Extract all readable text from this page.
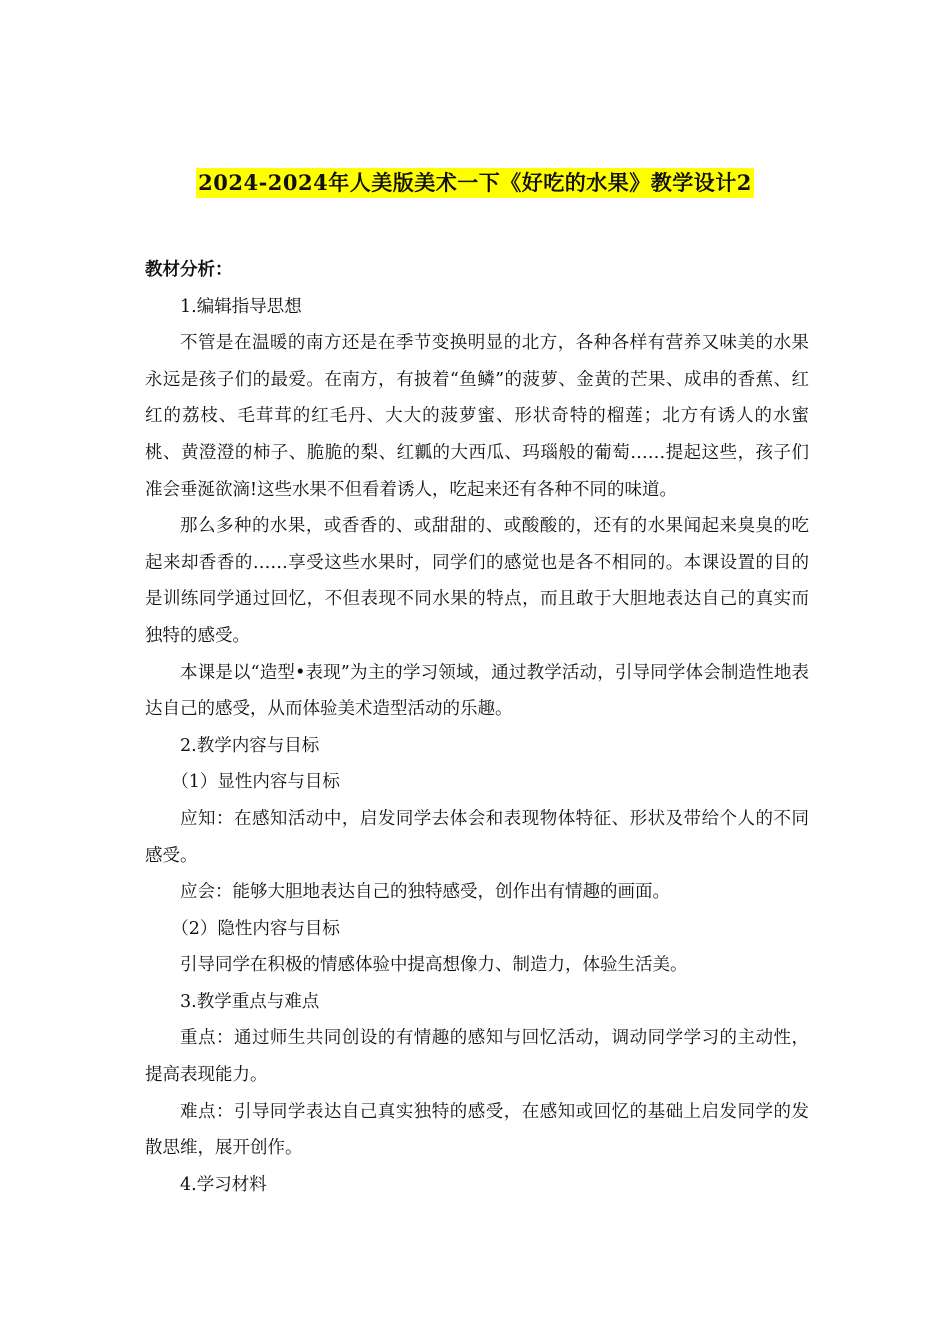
2024-2024年人美版美术一下《好吃的水果》教学设计2

教材分析：

1.编辑指导思想

不管是在温暖的南方还是在季节变换明显的北方，各种各样有营养又味美的水果永远是孩子们的最爱。在南方，有披着“鱼鳞”的菠萝、金黄的芒果、成串的香蕉、红红的荔枝、毛茸茸的红毛丹、大大的菠萝蜜、形状奇特的榴莲；北方有诱人的水蜜桃、黄澄澄的柿子、脆脆的梨、红瓤的大西瓜、玛瑙般的葡萄……提起这些，孩子们准会垂涎欲滴!这些水果不但看着诱人，吃起来还有各种不同的味道。

那么多种的水果，或香香的、或甜甜的、或酸酸的，还有的水果闻起来臭臭的吃起来却香香的……享受这些水果时，同学们的感觉也是各不相同的。本课设置的目的是训练同学通过回忆，不但表现不同水果的特点，而且敢于大胆地表达自己的真实而独特的感受。

本课是以“造型•表现”为主的学习领域，通过教学活动，引导同学体会制造性地表达自己的感受，从而体验美术造型活动的乐趣。

2.教学内容与目标

（1）显性内容与目标

应知：在感知活动中，启发同学去体会和表现物体特征、形状及带给个人的不同感受。

应会：能够大胆地表达自己的独特感受，创作出有情趣的画面。

（2）隐性内容与目标

引导同学在积极的情感体验中提高想像力、制造力，体验生活美。

3.教学重点与难点

重点：通过师生共同创设的有情趣的感知与回忆活动，调动同学学习的主动性，提高表现能力。

难点：引导同学表达自己真实独特的感受，在感知或回忆的基础上启发同学的发散思维，展开创作。

4.学习材料
